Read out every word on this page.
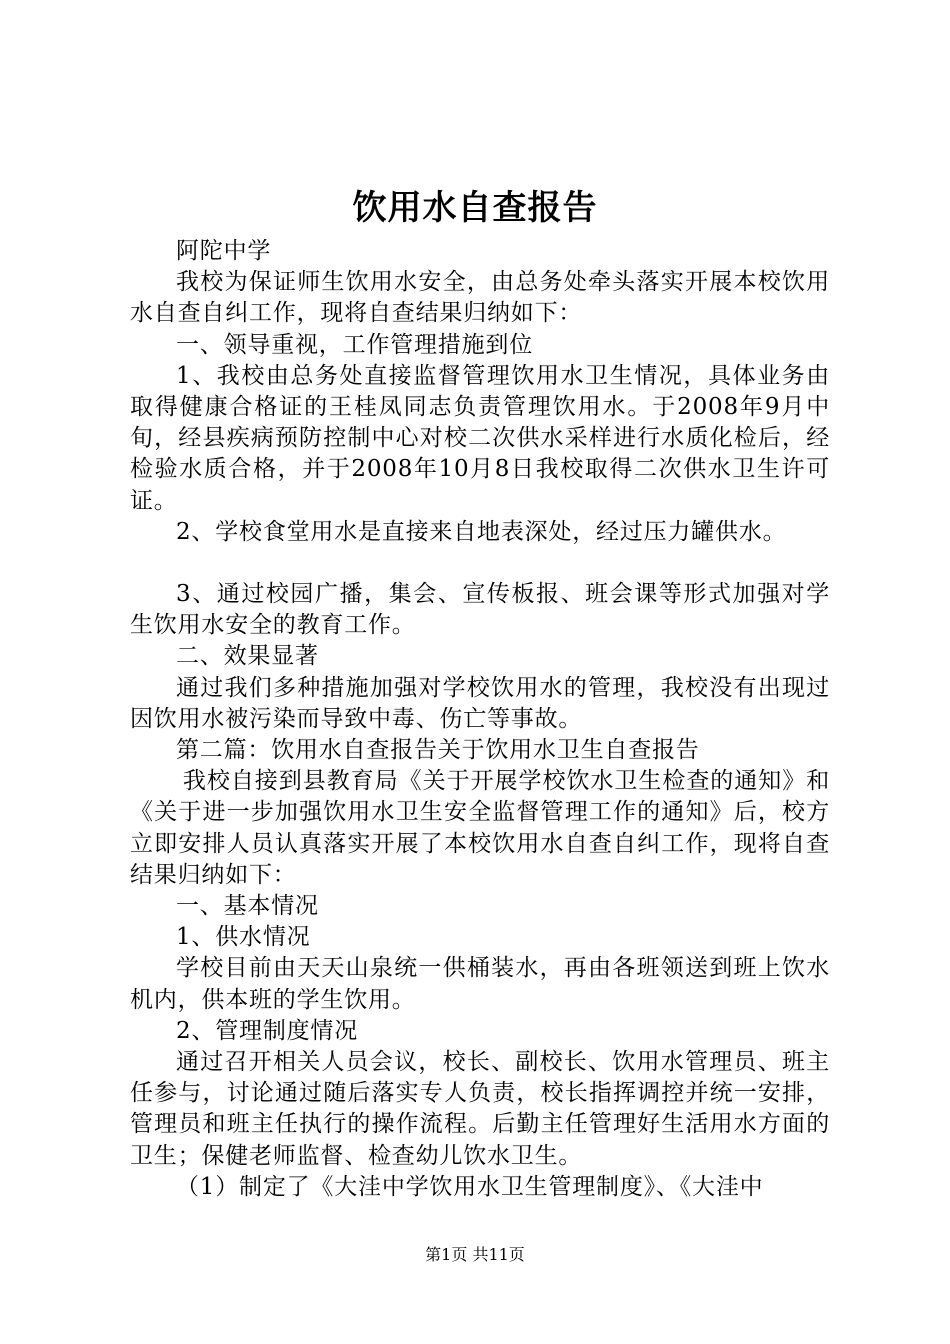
饮用水自查报告

阿陀中学

我校为保证师生饮用水安全，由总务处牵头落实开展本校饮用水自查自纠工作，现将自查结果归纳如下：

一、领导重视，工作管理措施到位

1、我校由总务处直接监督管理饮用水卫生情况，具体业务由取得健康合格证的王桂凤同志负责管理饮用水。于2008年9月中旬，经县疾病预防控制中心对校二次供水采样进行水质化检后，经检验水质合格，并于2008年10月8日我校取得二次供水卫生许可证。

2、学校食堂用水是直接来自地表深处，经过压力罐供水。

3、通过校园广播，集会、宣传板报、班会课等形式加强对学生饮用水安全的教育工作。

二、效果显著

通过我们多种措施加强对学校饮用水的管理，我校没有出现过因饮用水被污染而导致中毒、伤亡等事故。

第二篇：饮用水自查报告关于饮用水卫生自查报告

我校自接到县教育局《关于开展学校饮水卫生检查的通知》和《关于进一步加强饮用水卫生安全监督管理工作的通知》后，校方立即安排人员认真落实开展了本校饮用水自查自纠工作，现将自查结果归纳如下：

一、基本情况

1、供水情况

学校目前由天天山泉统一供桶装水，再由各班领送到班上饮水机内，供本班的学生饮用。

2、管理制度情况

通过召开相关人员会议，校长、副校长、饮用水管理员、班主任参与，讨论通过随后落实专人负责，校长指挥调控并统一安排，管理员和班主任执行的操作流程。后勤主任管理好生活用水方面的卫生；保健老师监督、检查幼儿饮水卫生。

（1）制定了《大洼中学饮用水卫生管理制度》、《大洼中

第1页 共11页
